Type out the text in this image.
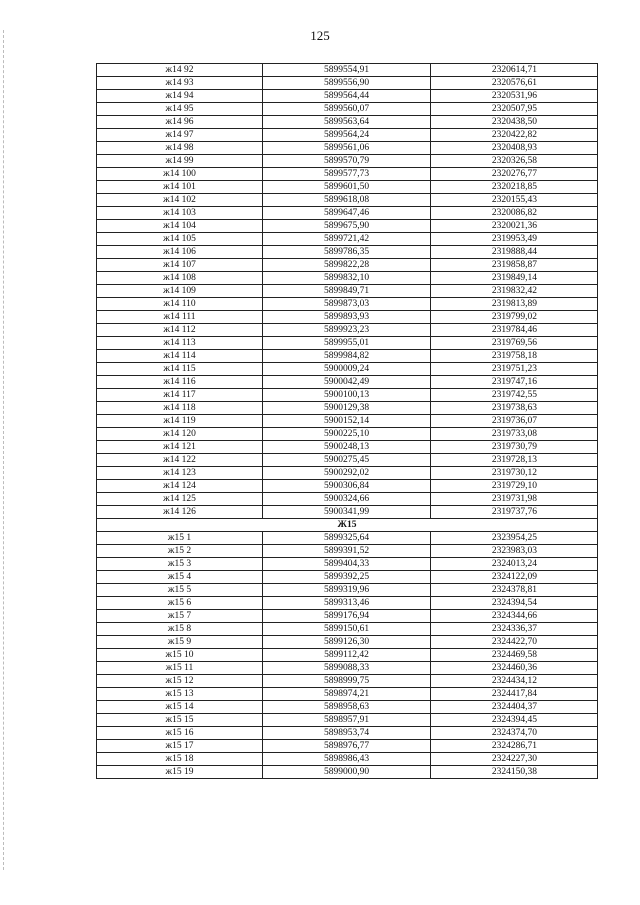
125
ж14 92	5899554,91	2320614,71
ж14 93	5899556,90	2320576,61
ж14 94	5899564,44	2320531,96
ж14 95	5899560,07	2320507,95
ж14 96	5899563,64	2320438,50
ж14 97	5899564,24	2320422,82
ж14 98	5899561,06	2320408,93
ж14 99	5899570,79	2320326,58
ж14 100	5899577,73	2320276,77
ж14 101	5899601,50	2320218,85
ж14 102	5899618,08	2320155,43
ж14 103	5899647,46	2320086,82
ж14 104	5899675,90	2320021,36
ж14 105	5899721,42	2319953,49
ж14 106	5899786,35	2319888,44
ж14 107	5899822,28	2319858,87
ж14 108	5899832,10	2319849,14
ж14 109	5899849,71	2319832,42
ж14 110	5899873,03	2319813,89
ж14 111	5899893,93	2319799,02
ж14 112	5899923,23	2319784,46
ж14 113	5899955,01	2319769,56
ж14 114	5899984,82	2319758,18
ж14 115	5900009,24	2319751,23
ж14 116	5900042,49	2319747,16
ж14 117	5900100,13	2319742,55
ж14 118	5900129,38	2319738,63
ж14 119	5900152,14	2319736,07
ж14 120	5900225,10	2319733,08
ж14 121	5900248,13	2319730,79
ж14 122	5900275,45	2319728,13
ж14 123	5900292,02	2319730,12
ж14 124	5900306,84	2319729,10
ж14 125	5900324,66	2319731,98
ж14 126	5900341,99	2319737,76
Ж15		
ж15 1	5899325,64	2323954,25
ж15 2	5899391,52	2323983,03
ж15 3	5899404,33	2324013,24
ж15 4	5899392,25	2324122,09
ж15 5	5899319,96	2324378,81
ж15 6	5899313,46	2324394,54
ж15 7	5899176,94	2324344,66
ж15 8	5899150,61	2324336,37
ж15 9	5899126,30	2324422,70
ж15 10	5899112,42	2324469,58
ж15 11	5899088,33	2324460,36
ж15 12	5898999,75	2324434,12
ж15 13	5898974,21	2324417,84
ж15 14	5898958,63	2324404,37
ж15 15	5898957,91	2324394,45
ж15 16	5898953,74	2324374,70
ж15 17	5898976,77	2324286,71
ж15 18	5898986,43	2324227,30
ж15 19	5899000,90	2324150,38
